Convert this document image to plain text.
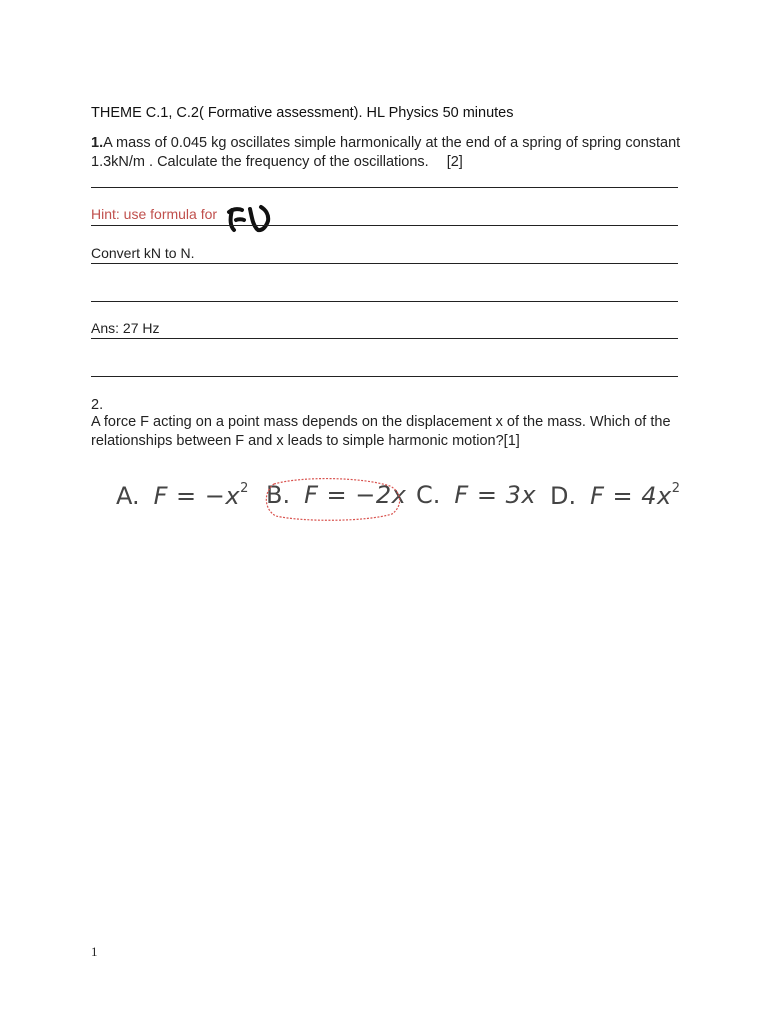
THEME C.1, C.2( Formative assessment). HL Physics 50 minutes
1.A mass of 0.045 kg oscillates simple harmonically at the end of a spring of spring constant 1.3kN/m . Calculate the frequency of the oscillations. [2]
Hint: use formula for
Convert kN to N.
Ans: 27 Hz
2.
A force F acting on a point mass depends on the displacement x of the mass. Which of the relationships between F and x leads to simple harmonic motion?[1]
A. $F = -x^2$ B. F = −2x C. F = 3x D. $F = 4x^2$
1
